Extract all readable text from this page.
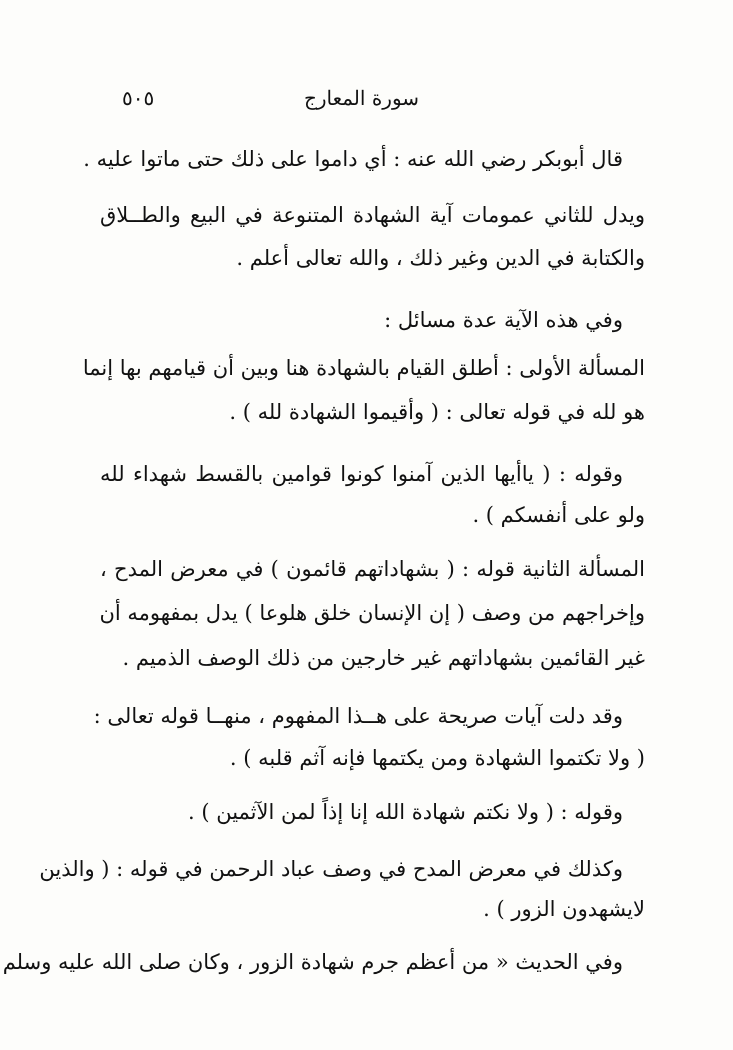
سورة المعارج
٥٠٥
قال أبوبكر رضي الله عنه : أي داموا على ذلك حتى ماتوا عليه .
ويدل للثاني عمومات آية الشهادة المتنوعة في البيع والطــلاق
والكتابة في الدين وغير ذلك ، والله تعالى أعلم .
وفي هذه الآية عدة مسائل :
المسألة الأولى : أطلق القيام بالشهادة هنا وبين أن قيامهم بها إنما
هو لله في قوله تعالى : ( وأقيموا الشهادة لله ) .
وقوله : ( ياأيها الذين آمنوا كونوا قوامين بالقسط شهداء لله
ولو على أنفسكم ) .
المسألة الثانية قوله : ( بشهاداتهم قائمون ) في معرض المدح ،
وإخراجهم من وصف ( إن الإنسان خلق هلوعا ) يدل بمفهومه أن
غير القائمين بشهاداتهم غير خارجين من ذلك الوصف الذميم .
وقد دلت آيات صريحة على هــذا المفهوم ، منهــا قوله تعالى :
( ولا تكتموا الشهادة ومن يكتمها فإنه آثم قلبه ) .
وقوله : ( ولا نكتم شهادة الله إنا إذاً لمن الآثمين ) .
وكذلك في معرض المدح في وصف عباد الرحمن في قوله : ( والذين
لايشهدون الزور ) .
وفي الحديث « من أعظم جرم شهادة الزور ، وكان صلى الله عليه وسلم
